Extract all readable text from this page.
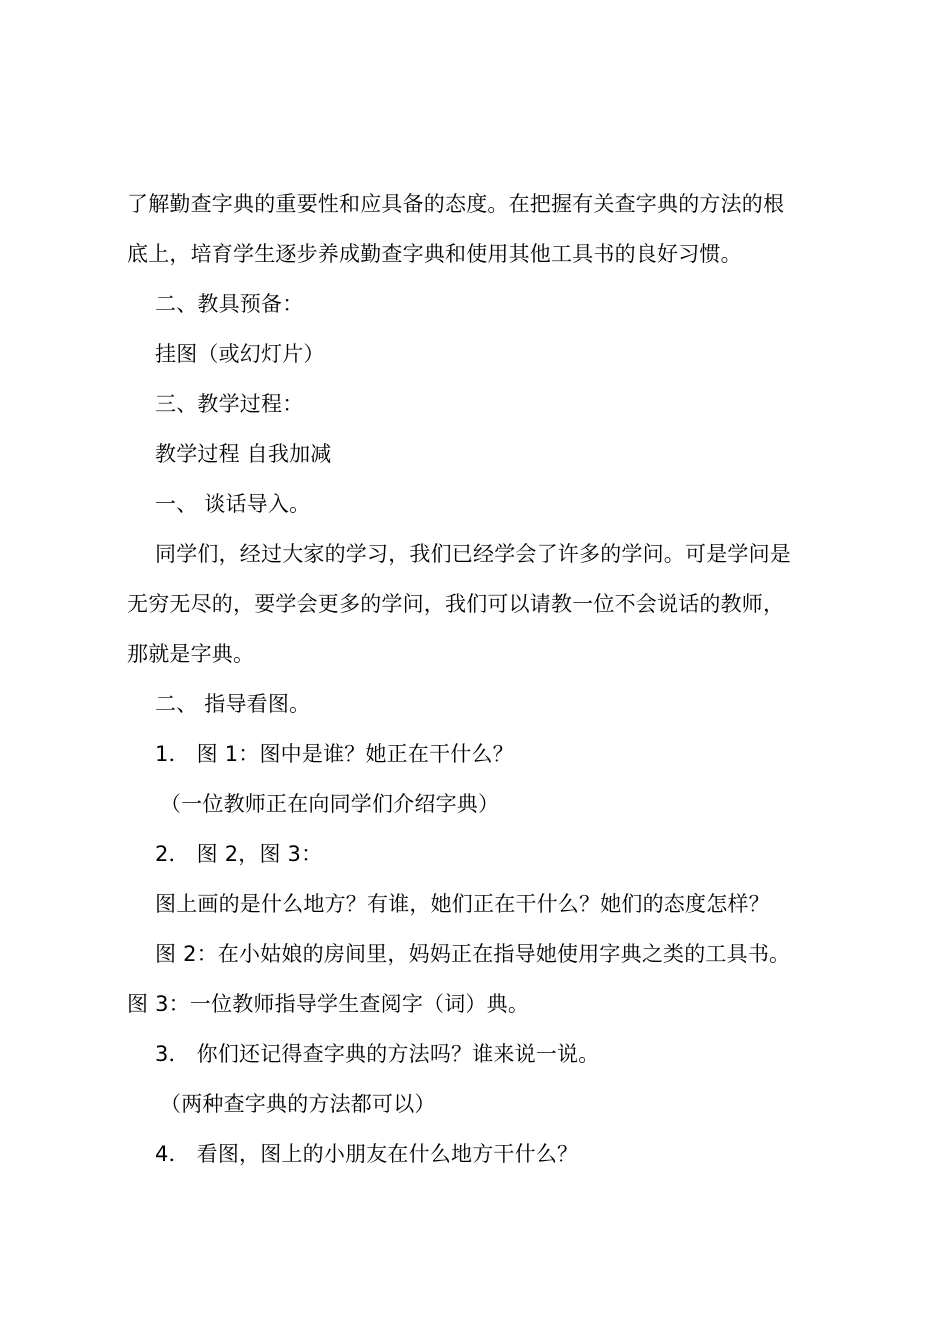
了解勤查字典的重要性和应具备的态度。在把握有关查字典的方法的根
底上，培育学生逐步养成勤查字典和使用其他工具书的良好习惯。
二、教具预备：
挂图（或幻灯片）
三、教学过程：
教学过程 自我加减
一、 谈话导入。
同学们，经过大家的学习，我们已经学会了许多的学问。可是学问是
无穷无尽的，要学会更多的学问，我们可以请教一位不会说话的教师，
那就是字典。
二、 指导看图。
1． 图 1：图中是谁？她正在干什么？
（一位教师正在向同学们介绍字典）
2． 图 2，图 3：
图上画的是什么地方？有谁，她们正在干什么？她们的态度怎样？
图 2：在小姑娘的房间里，妈妈正在指导她使用字典之类的工具书。
图 3：一位教师指导学生查阅字（词）典。
3． 你们还记得查字典的方法吗？谁来说一说。
（两种查字典的方法都可以）
4． 看图，图上的小朋友在什么地方干什么？
